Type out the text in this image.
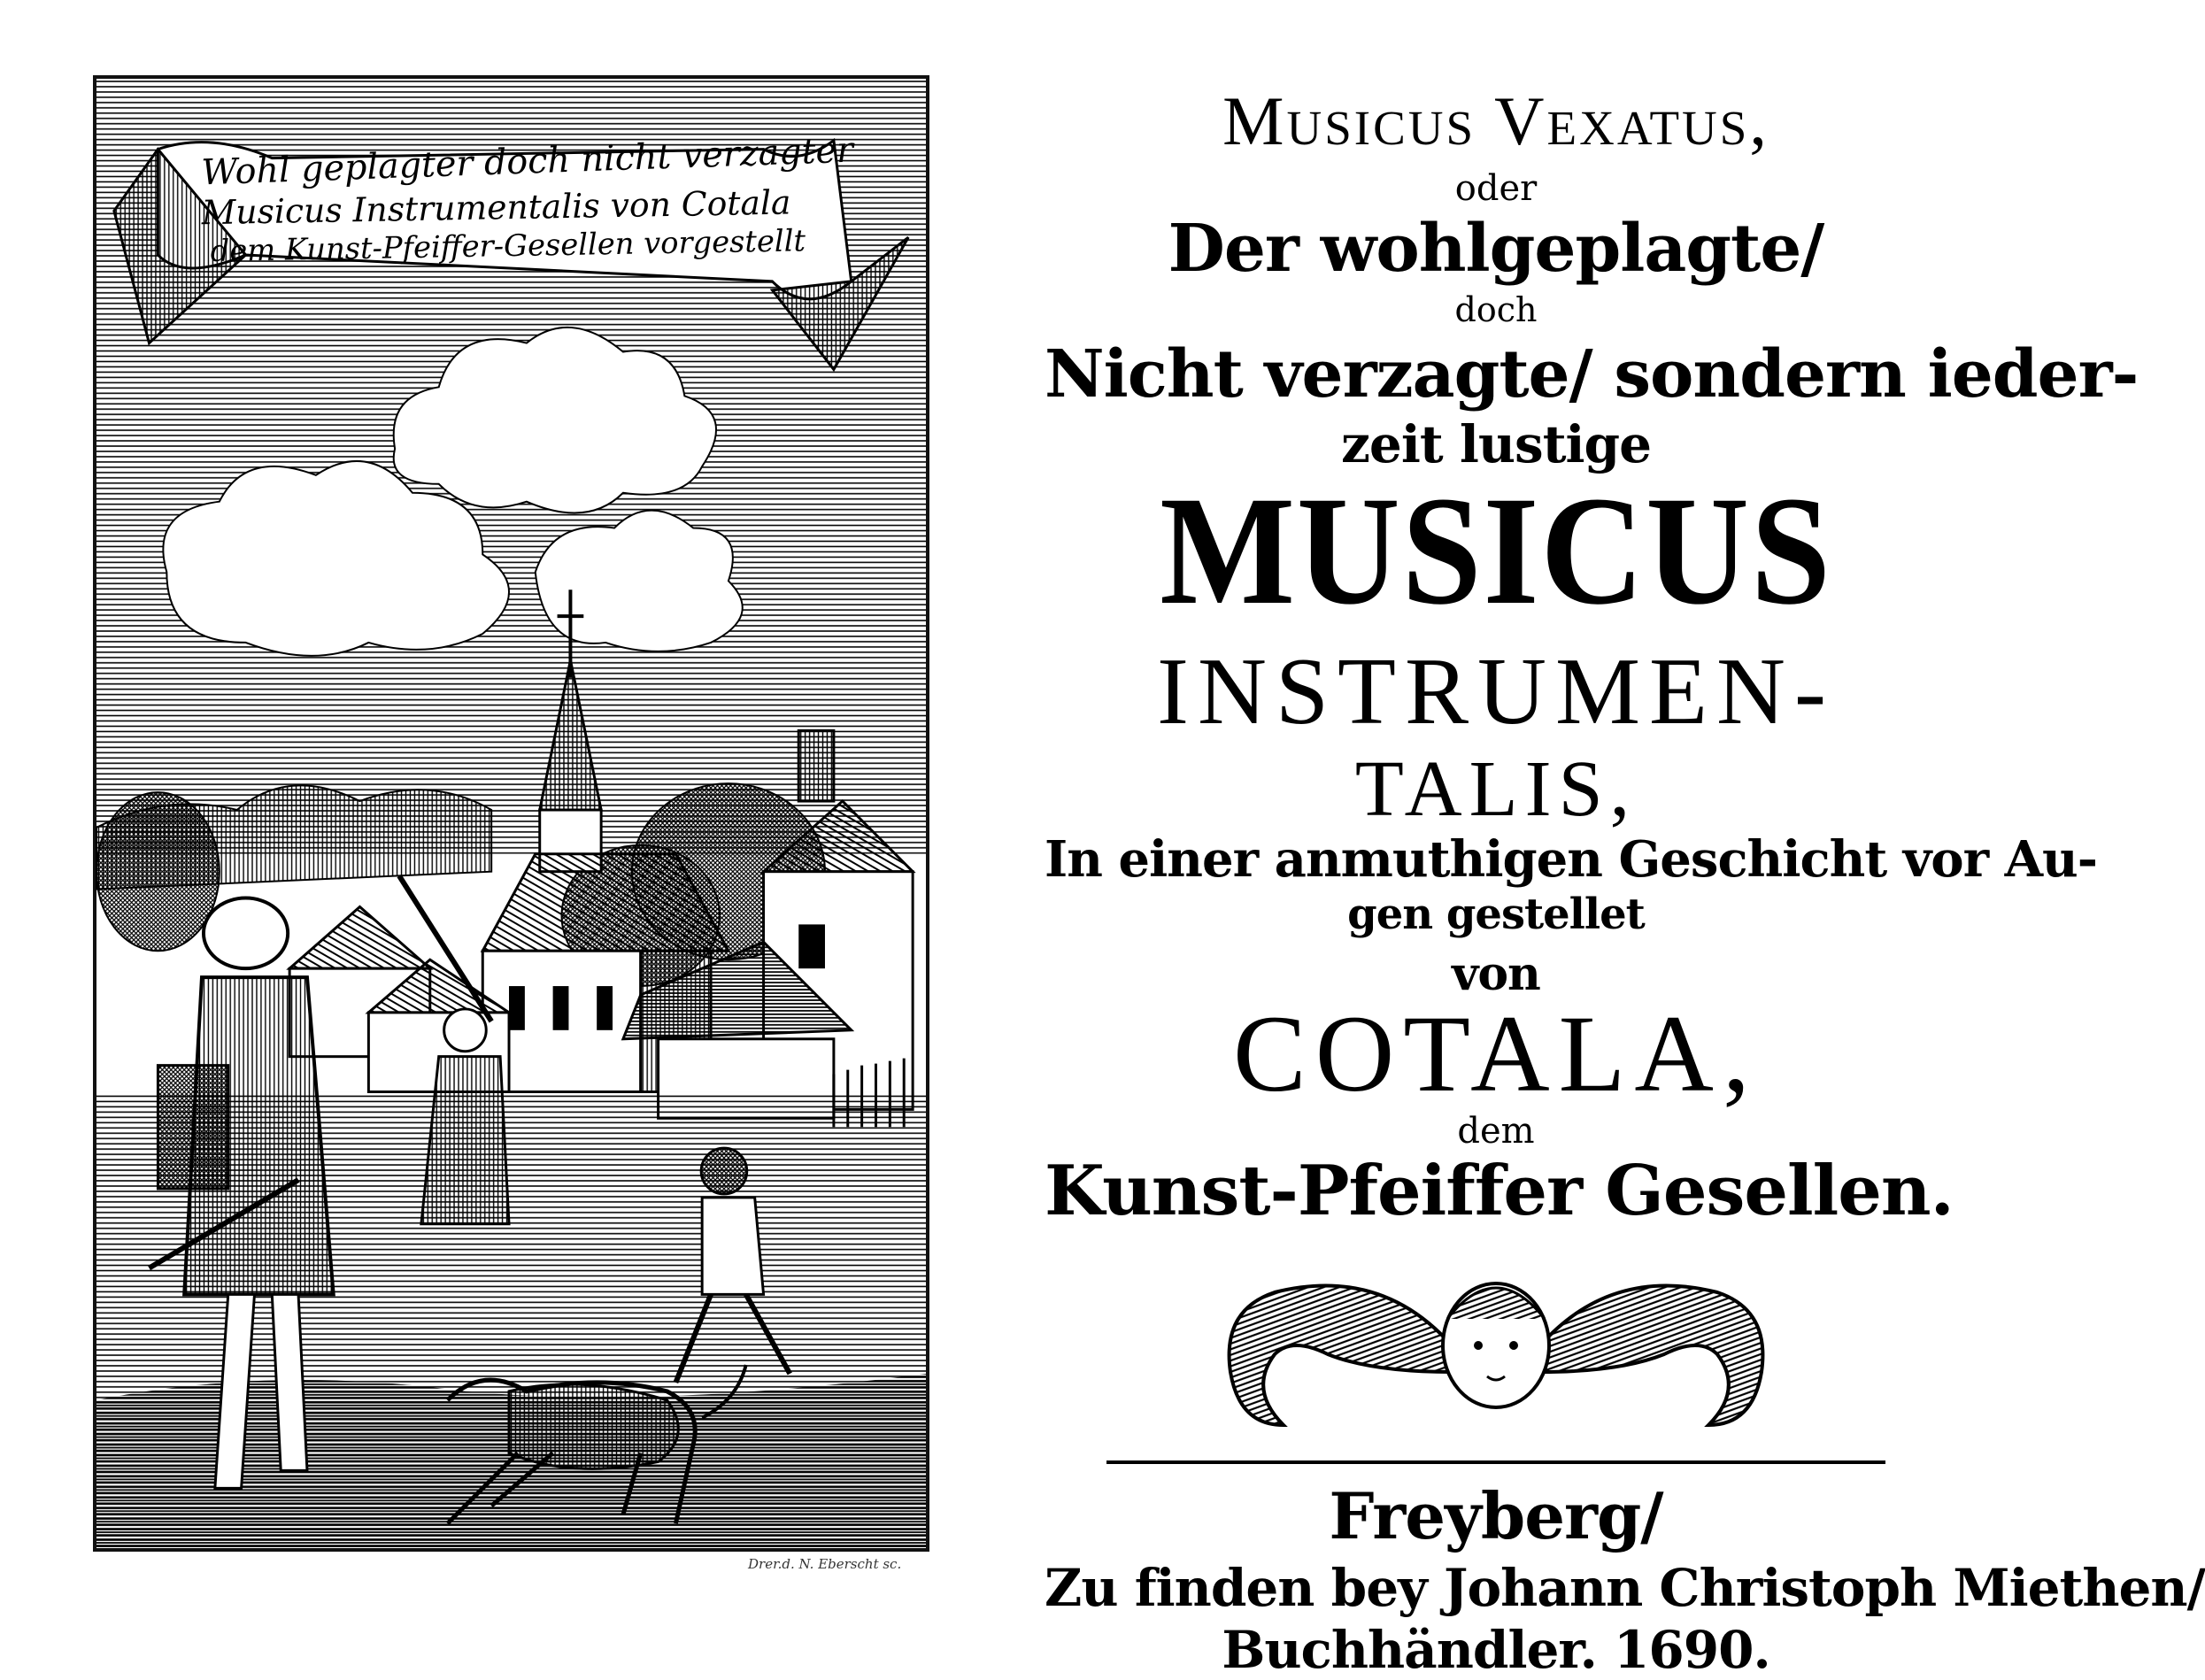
Wohl geplagter doch nicht verzagter
Musicus Instrumentalis von Cotala
dem Kunst-Pfeiffer-Gesellen vorgestellt
Drer.d. N. Eberscht sc.
Musicus Vexatus,
oder
Der wohlgeplagte/
doch
Nicht verzagte/ sondern ieder-
zeit lustige
MUSICUS
INSTRUMEN-
TALIS,
In einer anmuthigen Geschicht vor Au-
gen gestellet
von
COTALA,
dem
Kunst-Pfeiffer Gesellen.
Freyberg/
Zu finden bey Johann Christoph Miethen/
Buchhändler. 1690.
